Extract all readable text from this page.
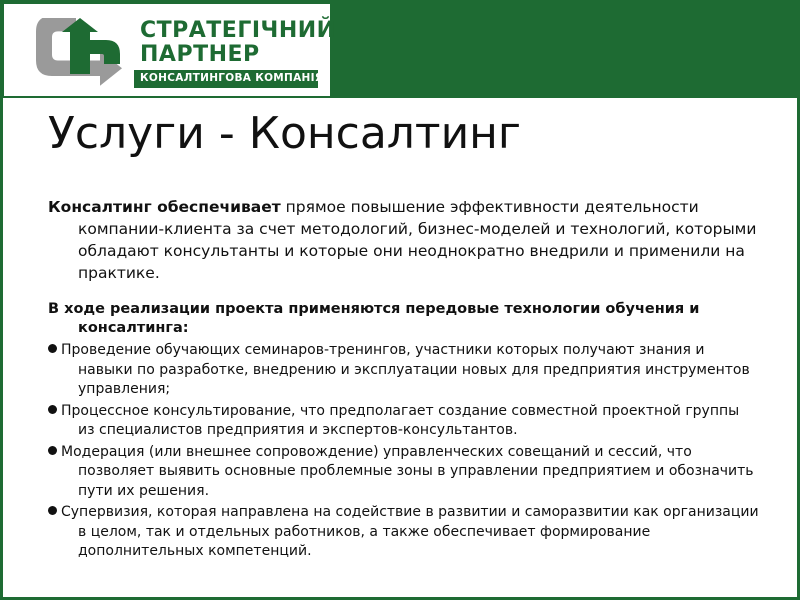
СТРАТЕГІЧНИЙ

ПАРТНЕР

КОНСАЛТИНГОВА КОМПАНІЯ

Услуги - Консалтинг

Консалтинг обеспечивает прямое повышение эффективности деятельности компании-клиента за счет методологий, бизнес-моделей и технологий, которыми обладают консультанты и которые они неоднократно внедрили и применили на практике.

В ходе реализации проекта применяются передовые технологии обучения и консалтинга:

Проведение обучающих семинаров-тренингов, участники которых получают знания и навыки по разработке, внедрению и эксплуатации новых для предприятия инструментов управления;
Процессное консультирование, что предполагает создание совместной проектной группы из специалистов предприятия и экспертов-консультантов.
Модерация (или внешнее сопровождение) управленческих совещаний и сессий, что позволяет выявить основные проблемные зоны в управлении предприятием и обозначить пути их решения.
Супервизия, которая направлена на содействие в развитии и саморазвитии как организации в целом, так и отдельных работников, а также обеспечивает формирование дополнительных компетенций.
